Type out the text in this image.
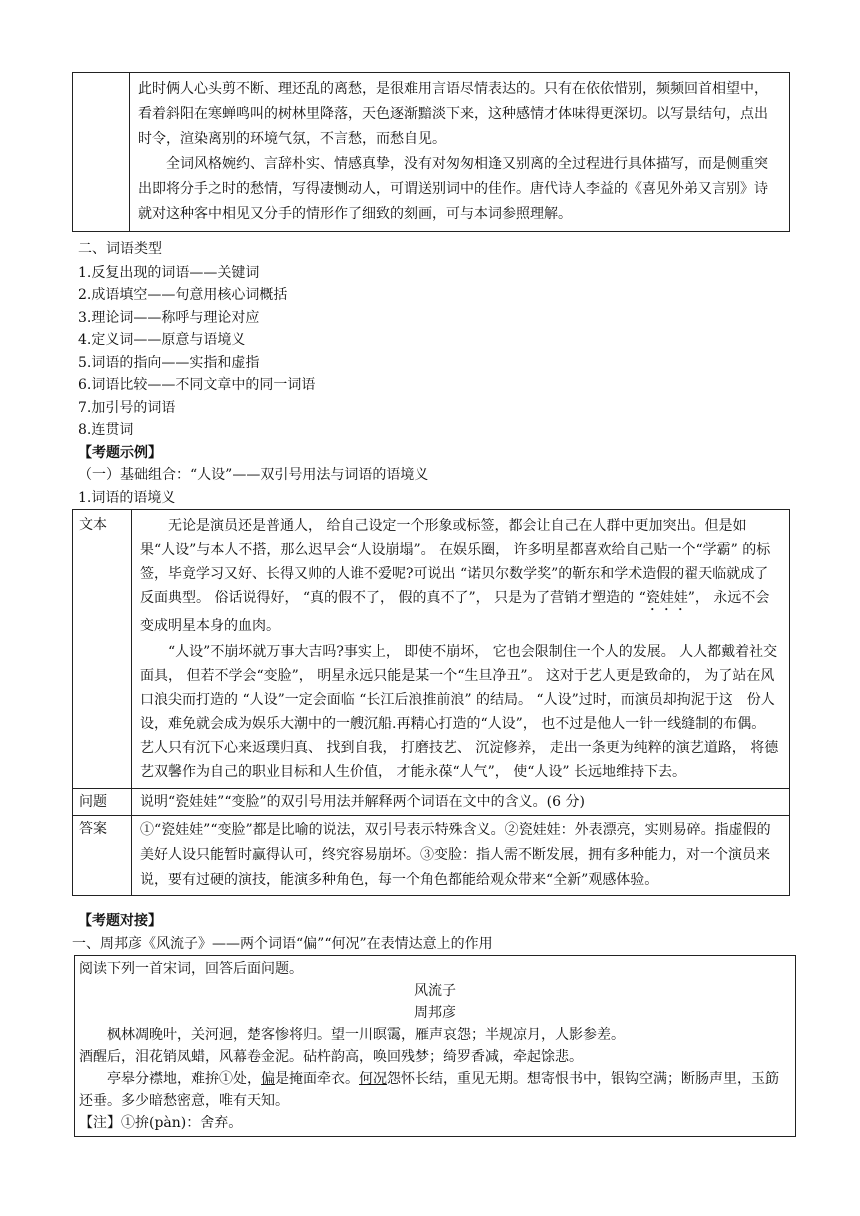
此时俩人心头剪不断、理还乱的离愁，是很难用言语尽情表达的。只有在依依惜别，频频回首相望中，看着斜阳在寒蝉鸣叫的树林里降落，天色逐渐黯淡下来，这种感情才体味得更深切。以写景结句，点出时令，渲染离别的环境气氛，不言愁，而愁自见。

全词风格婉约、言辞朴实、情感真挚，没有对匆匆相逢又别离的全过程进行具体描写，而是侧重突出即将分手之时的愁情，写得凄恻动人，可谓送别词中的佳作。唐代诗人李益的《喜见外弟又言别》诗就对这种客中相见又分手的情形作了细致的刻画，可与本词参照理解。

二、词语类型
1.反复出现的词语——关键词
2.成语填空——句意用核心词概括
3.理论词——称呼与理论对应
4.定义词——原意与语境义
5.词语的指向——实指和虚指
6.词语比较——不同文章中的同一词语
7.加引号的词语
8.连贯词
【考题示例】
（一）基础组合：“人设”——双引号用法与词语的语境义
1.词语的语境义
文本	无论是演员还是普通人， 给自己设定一个形象或标签，都会让自己在人群中更加突出。但是如果“人设”与本人不搭，那么迟早会“人设崩塌”。 在娱乐圈， 许多明星都喜欢给自己贴一个“学霸” 的标签，毕竟学习又好、长得又帅的人谁不爱呢?可说出 “诺贝尔数学奖”的靳东和学术造假的翟天临就成了反面典型。 俗话说得好， “真的假不了， 假的真不了”， 只是为了营销才塑造的 “瓷娃娃”， 永远不会变成明星本身的血肉。

“人设”不崩坏就万事大吉吗?事实上， 即使不崩坏， 它也会限制住一个人的发展。 人人都戴着社交面具， 但若不学会“变脸”， 明星永远只能是某一个“生旦净丑”。 这对于艺人更是致命的， 为了站在风口浪尖而打造的 “人设”一定会面临 “长江后浪推前浪” 的结局。 “人设”过时，而演员却拘泥于这　份人设，难免就会成为娱乐大潮中的一艘沉船.再精心打造的“人设”， 也不过是他人一针一线缝制的布偶。 艺人只有沉下心来返璞归真、 找到自我， 打磨技艺、 沉淀修养， 走出一条更为纯粹的演艺道路， 将德艺双馨作为自己的职业目标和人生价值， 才能永葆“人气”， 使“人设” 长远地维持下去。

问题	说明“瓷娃娃”“变脸”的双引号用法并解释两个词语在文中的含义。(6 分)
答案	①“瓷娃娃”“变脸”都是比喻的说法，双引号表示特殊含义。②瓷娃娃：外表漂亮，实则易碎。指虚假的美好人设只能暂时赢得认可，终究容易崩坏。③变脸：指人需不断发展，拥有多种能力，对一个演员来说，要有过硬的演技，能演多种角色，每一个角色都能给观众带来“全新”观感体验。
【考题对接】
一、周邦彦《风流子》——两个词语“偏”“何况”在表情达意上的作用

阅读下列一首宋词，回答后面问题。

风流子

周邦彦

枫林凋晚叶，关河迥，楚客惨将归。望一川暝霭，雁声哀怨；半规凉月，人影参差。

酒醒后，泪花销凤蜡，风幕卷金泥。砧杵韵高，唤回残梦；绮罗香减，牵起馀悲。

亭皋分襟地，难拚①处，偏是掩面牵衣。何况怨怀长结，重见无期。想寄恨书中，银钩空满；断肠声里，玉筯还垂。多少暗愁密意，唯有天知。

【注】①拚(pàn)：舍弃。
